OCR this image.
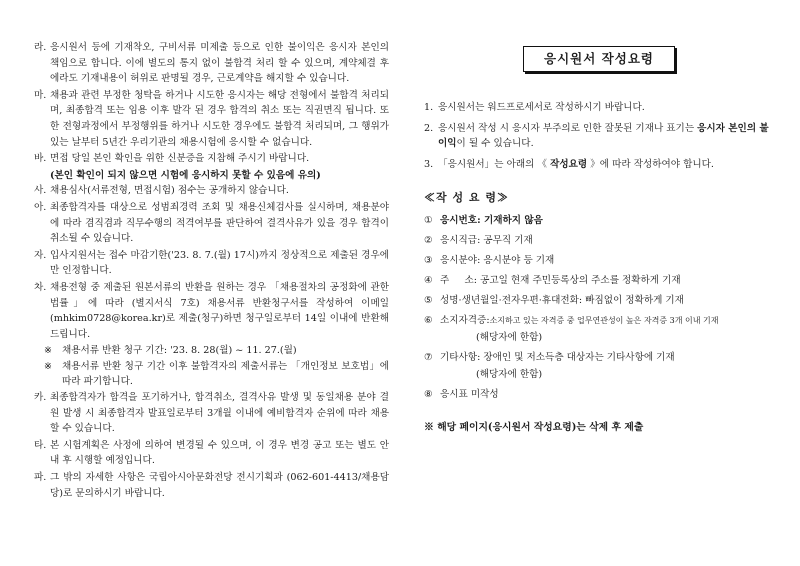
라. 응시원서 등에 기재착오, 구비서류 미제출 등으로 인한 불이익은 응시자 본인의 책임으로 합니다. 이에 별도의 통지 없이 불합격 처리 할 수 있으며, 계약체결 후에라도 기재내용이 허위로 판명될 경우, 근로계약을 해지할 수 있습니다.
마. 채용과 관련 부정한 청탁을 하거나 시도한 응시자는 해당 전형에서 불합격 처리되며, 최종합격 또는 임용 이후 발각 된 경우 합격의 취소 또는 직권면직 됩니다. 또한 전형과정에서 부정행위를 하거나 시도한 경우에도 불합격 처리되며, 그 행위가 있는 날부터 5년간 우리기관의 채용시험에 응시할 수 없습니다.
바. 면접 당일 본인 확인을 위한 신분증을 지참해 주시기 바랍니다.
(본인 확인이 되지 않으면 시험에 응시하지 못할 수 있음에 유의)
사. 채용심사(서류전형, 면접시험) 점수는 공개하지 않습니다.
아. 최종합격자를 대상으로 성범죄경력 조회 및 채용신체검사를 실시하며, 채용분야에 따라 겸직겸과 직무수행의 적격여부를 판단하여 결격사유가 있을 경우 합격이 취소될 수 있습니다.
자. 입사지원서는 접수 마감기한('23. 8. 7.(월) 17시)까지 정상적으로 제출된 경우에만 인정합니다.
차. 채용전형 중 제출된 원본서류의 반환을 원하는 경우 「채용절차의 공정화에 관한 법률」에 따라 (별지서식 7호) 채용서류 반환청구서를 작성하여 이메일(mhkim0728@korea.kr)로 제출(청구)하면 청구일로부터 14일 이내에 반환해 드립니다.
※	채용서류 반환 청구 기간: '23. 8. 28(월) ~ 11. 27.(월)
※	채용서류 반환 청구 기간 이후 불합격자의 제출서류는 「개인정보 보호법」에 따라 파기합니다.
카. 최종합격자가 합격을 포기하거나, 합격취소, 결격사유 발생 및 동일채용 분야 결원 발생 시 최종합격자 발표일로부터 3개월 이내에 예비합격자 순위에 따라 채용할 수 있습니다.
타. 본 시험계획은 사정에 의하여 변경될 수 있으며, 이 경우 변경 공고 또는 별도 안내 후 시행할 예정입니다.
파. 그 밖의 자세한 사항은 국립아시아문화전당 전시기획과 (062-601-4413/채용담당)로 문의하시기 바랍니다.
응시원서 작성요령
1. 응시원서는 워드프로세서로 작성하시기 바랍니다.
2. 응시원서 작성 시 응시자 부주의로 인한 잘못된 기재나 표기는 응시자 본인의 불이익이 될 수 있습니다.
3. 「응시원서」는 아래의 《 작성요령 》에 따라 작성하여야 합니다.
≪작 성 요 령≫
① 응시번호: 기재하지 않음
② 응시직급: 공무직 기재
③ 응시분야: 응시분야 등 기재
④ 주     소: 공고일 현재 주민등록상의 주소를 정확하게 기재
⑤ 성명·생년월일·전자우편·휴대전화: 빠짐없이 정확하게 기재
⑥ 소지자격증: 소지하고 있는 자격증 중 업무연관성이 높은 자격증 3개 이내 기재
(해당자에 한함)
⑦ 기타사항: 장애인 및 저소득층 대상자는 기타사항에 기재
(해당자에 한함)
⑧ 응시표 미작성
※ 해당 페이지(응시원서 작성요령)는 삭제 후 제출
